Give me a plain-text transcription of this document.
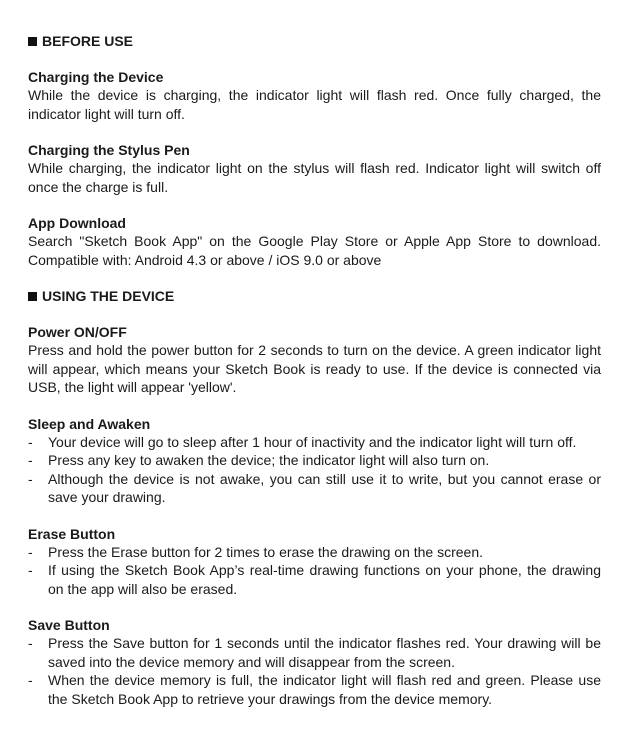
BEFORE USE
Charging the Device

While the device is charging, the indicator light will flash red. Once fully charged, the indicator light will turn off.

Charging the Stylus Pen

While charging, the indicator light on the stylus will flash red. Indicator light will switch off once the charge is full.

App Download

Search "Sketch Book App" on the Google Play Store or Apple App Store to download. Compatible with: Android 4.3 or above / iOS 9.0 or above

USING THE DEVICE
Power ON/OFF

Press and hold the power button for 2 seconds to turn on the device. A green indicator light will appear, which means your Sketch Book is ready to use. If the device is connected via USB, the light will appear 'yellow'.

Sleep and Awaken
- Your device will go to sleep after 1 hour of inactivity and the indicator light will turn off.
- Press any key to awaken the device; the indicator light will also turn on.
- Although the device is not awake, you can still use it to write, but you cannot erase or save your drawing.
Erase Button
- Press the Erase button for 2 times to erase the drawing on the screen.
- If using the Sketch Book App’s real-time drawing functions on your phone, the drawing on the app will also be erased.
Save Button
- Press the Save button for 1 seconds until the indicator flashes red. Your drawing will be saved into the device memory and will disappear from the screen.
- When the device memory is full, the indicator light will flash red and green. Please use the Sketch Book App to retrieve your drawings from the device memory.
